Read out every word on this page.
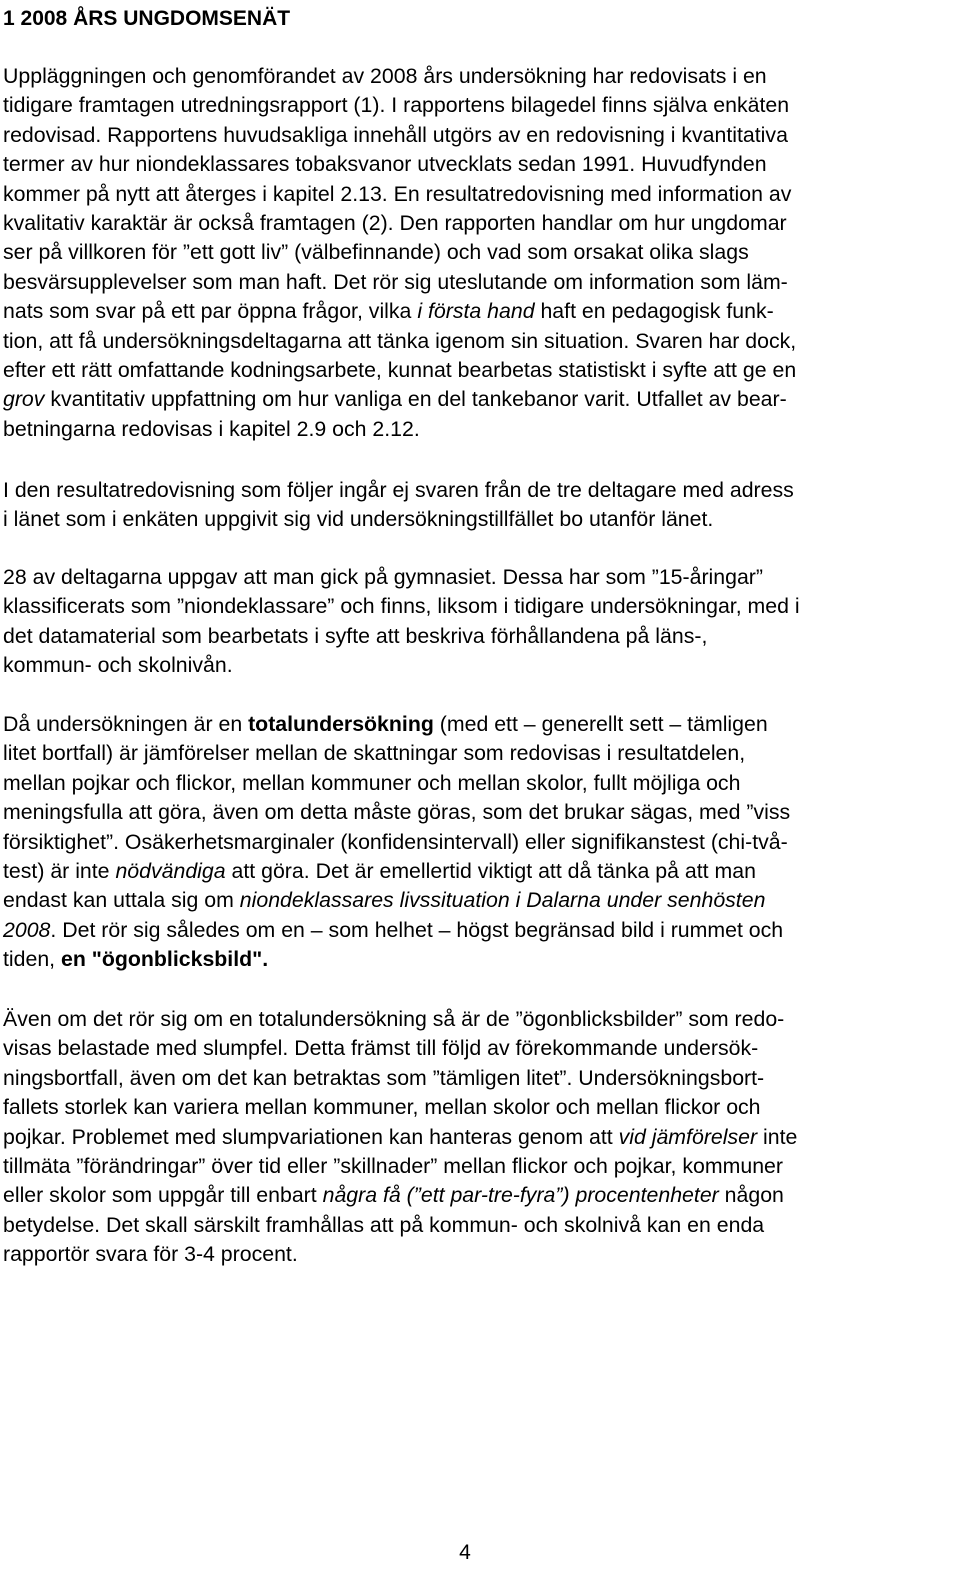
1 2008 ÅRS UNGDOMSENÄT
Uppläggningen och genomförandet av 2008 års undersökning har redovisats i en
tidigare framtagen utredningsrapport (1). I rapportens bilagedel finns själva enkäten
redovisad. Rapportens huvudsakliga innehåll utgörs av en redovisning i kvantitativa
termer av hur niondeklassares tobaksvanor utvecklats sedan 1991. Huvudfynden
kommer på nytt att återges i kapitel 2.13. En resultatredovisning med information av
kvalitativ karaktär är också framtagen (2). Den rapporten handlar om hur ungdomar
ser på villkoren för ”ett gott liv” (välbefinnande) och vad som orsakat olika slags
besvärsupplevelser som man haft. Det rör sig uteslutande om information som läm-
nats som svar på ett par öppna frågor, vilka i första hand haft en pedagogisk funk-
tion, att få undersökningsdeltagarna att tänka igenom sin situation. Svaren har dock,
efter ett rätt omfattande kodningsarbete, kunnat bearbetas statistiskt i syfte att ge en
grov kvantitativ uppfattning om hur vanliga en del tankebanor varit. Utfallet av bear-
betningarna redovisas i kapitel 2.9 och 2.12.
I den resultatredovisning som följer ingår ej svaren från de tre deltagare med adress
i länet som i enkäten uppgivit sig vid undersökningstillfället bo utanför länet.
28 av deltagarna uppgav att man gick på gymnasiet. Dessa har som ”15-åringar”
klassificerats som ”niondeklassare” och finns, liksom i tidigare undersökningar, med i
det datamaterial som bearbetats i syfte att beskriva förhållandena på läns-,
kommun- och skolnivån.
Då undersökningen är en totalundersökning (med ett – generellt sett – tämligen
litet bortfall) är jämförelser mellan de skattningar som redovisas i resultatdelen,
mellan pojkar och flickor, mellan kommuner och mellan skolor, fullt möjliga och
meningsfulla att göra, även om detta måste göras, som det brukar sägas, med ”viss
försiktighet”. Osäkerhetsmarginaler (konfidensintervall) eller signifikanstest (chi-två-
test) är inte nödvändiga att göra. Det är emellertid viktigt att då tänka på att man
endast kan uttala sig om niondeklassares livssituation i Dalarna under senhösten
2008. Det rör sig således om en – som helhet – högst begränsad bild i rummet och
tiden, en "ögonblicksbild".
Även om det rör sig om en totalundersökning så är de ”ögonblicksbilder” som redo-
visas belastade med slumpfel. Detta främst till följd av förekommande undersök-
ningsbortfall, även om det kan betraktas som ”tämligen litet”. Undersökningsbort-
fallets storlek kan variera mellan kommuner, mellan skolor och mellan flickor och
pojkar. Problemet med slumpvariationen kan hanteras genom att vid jämförelser inte
tillmäta ”förändringar” över tid eller ”skillnader” mellan flickor och pojkar, kommuner
eller skolor som uppgår till enbart några få (”ett par-tre-fyra”) procentenheter någon
betydelse. Det skall särskilt framhållas att på kommun- och skolnivå kan en enda
rapportör svara för 3-4 procent.
4
